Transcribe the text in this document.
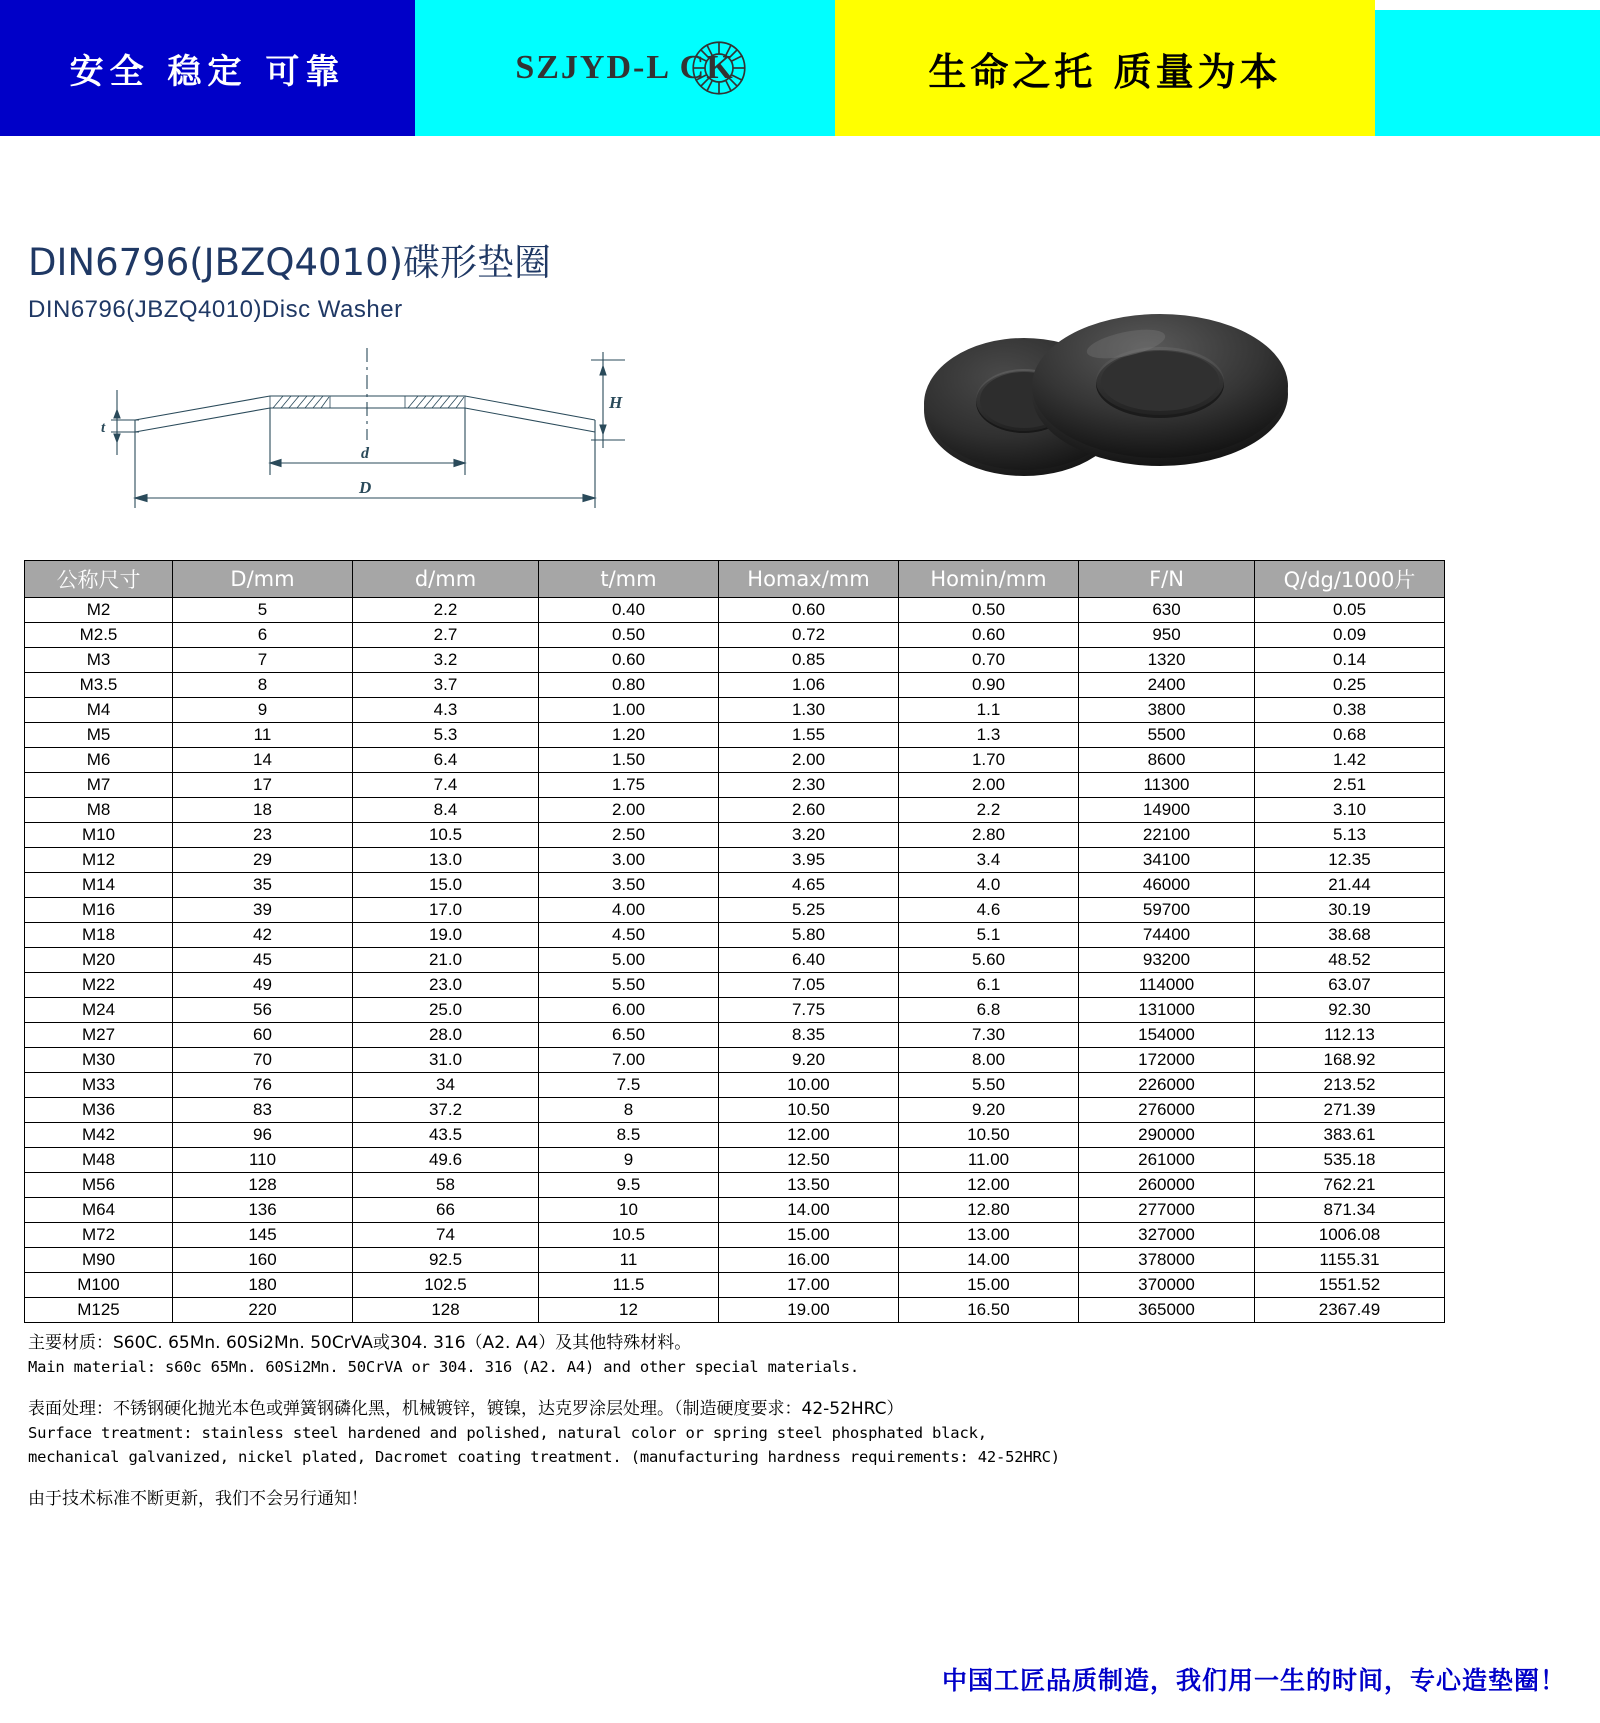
安全 稳定 可靠	SZJYD-L CK	生命之托 质量为本
DIN6796(JBZQ4010)碟形垫圈
DIN6796(JBZQ4010)Disc Washer
t
H
d
D
公称尺寸	D/mm	d/mm	t/mm	Homax/mm	Homin/mm	F/N	Q/dg/1000片
M2	5	2.2	0.40	0.60	0.50	630	0.05
M2.5	6	2.7	0.50	0.72	0.60	950	0.09
M3	7	3.2	0.60	0.85	0.70	1320	0.14
M3.5	8	3.7	0.80	1.06	0.90	2400	0.25
M4	9	4.3	1.00	1.30	1.1	3800	0.38
M5	11	5.3	1.20	1.55	1.3	5500	0.68
M6	14	6.4	1.50	2.00	1.70	8600	1.42
M7	17	7.4	1.75	2.30	2.00	11300	2.51
M8	18	8.4	2.00	2.60	2.2	14900	3.10
M10	23	10.5	2.50	3.20	2.80	22100	5.13
M12	29	13.0	3.00	3.95	3.4	34100	12.35
M14	35	15.0	3.50	4.65	4.0	46000	21.44
M16	39	17.0	4.00	5.25	4.6	59700	30.19
M18	42	19.0	4.50	5.80	5.1	74400	38.68
M20	45	21.0	5.00	6.40	5.60	93200	48.52
M22	49	23.0	5.50	7.05	6.1	114000	63.07
M24	56	25.0	6.00	7.75	6.8	131000	92.30
M27	60	28.0	6.50	8.35	7.30	154000	112.13
M30	70	31.0	7.00	9.20	8.00	172000	168.92
M33	76	34	7.5	10.00	5.50	226000	213.52
M36	83	37.2	8	10.50	9.20	276000	271.39
M42	96	43.5	8.5	12.00	10.50	290000	383.61
M48	110	49.6	9	12.50	11.00	261000	535.18
M56	128	58	9.5	13.50	12.00	260000	762.21
M64	136	66	10	14.00	12.80	277000	871.34
M72	145	74	10.5	15.00	13.00	327000	1006.08
M90	160	92.5	11	16.00	14.00	378000	1155.31
M100	180	102.5	11.5	17.00	15.00	370000	1551.52
M125	220	128	12	19.00	16.50	365000	2367.49
主要材质：S60C. 65Mn. 60Si2Mn. 50CrVA或304. 316（A2. A4）及其他特殊材料。
Main material: s60c 65Mn. 60Si2Mn. 50CrVA or 304. 316 (A2. A4) and other special materials.
表面处理：不锈钢硬化抛光本色或弹簧钢磷化黑，机械镀锌，镀镍，达克罗涂层处理。（制造硬度要求：42-52HRC）
Surface treatment: stainless steel hardened and polished, natural color or spring steel phosphated black,
mechanical galvanized, nickel plated, Dacromet coating treatment. (manufacturing hardness requirements: 42-52HRC)
由于技术标准不断更新，我们不会另行通知！
中国工匠品质制造，我们用一生的时间，专心造垫圈！
